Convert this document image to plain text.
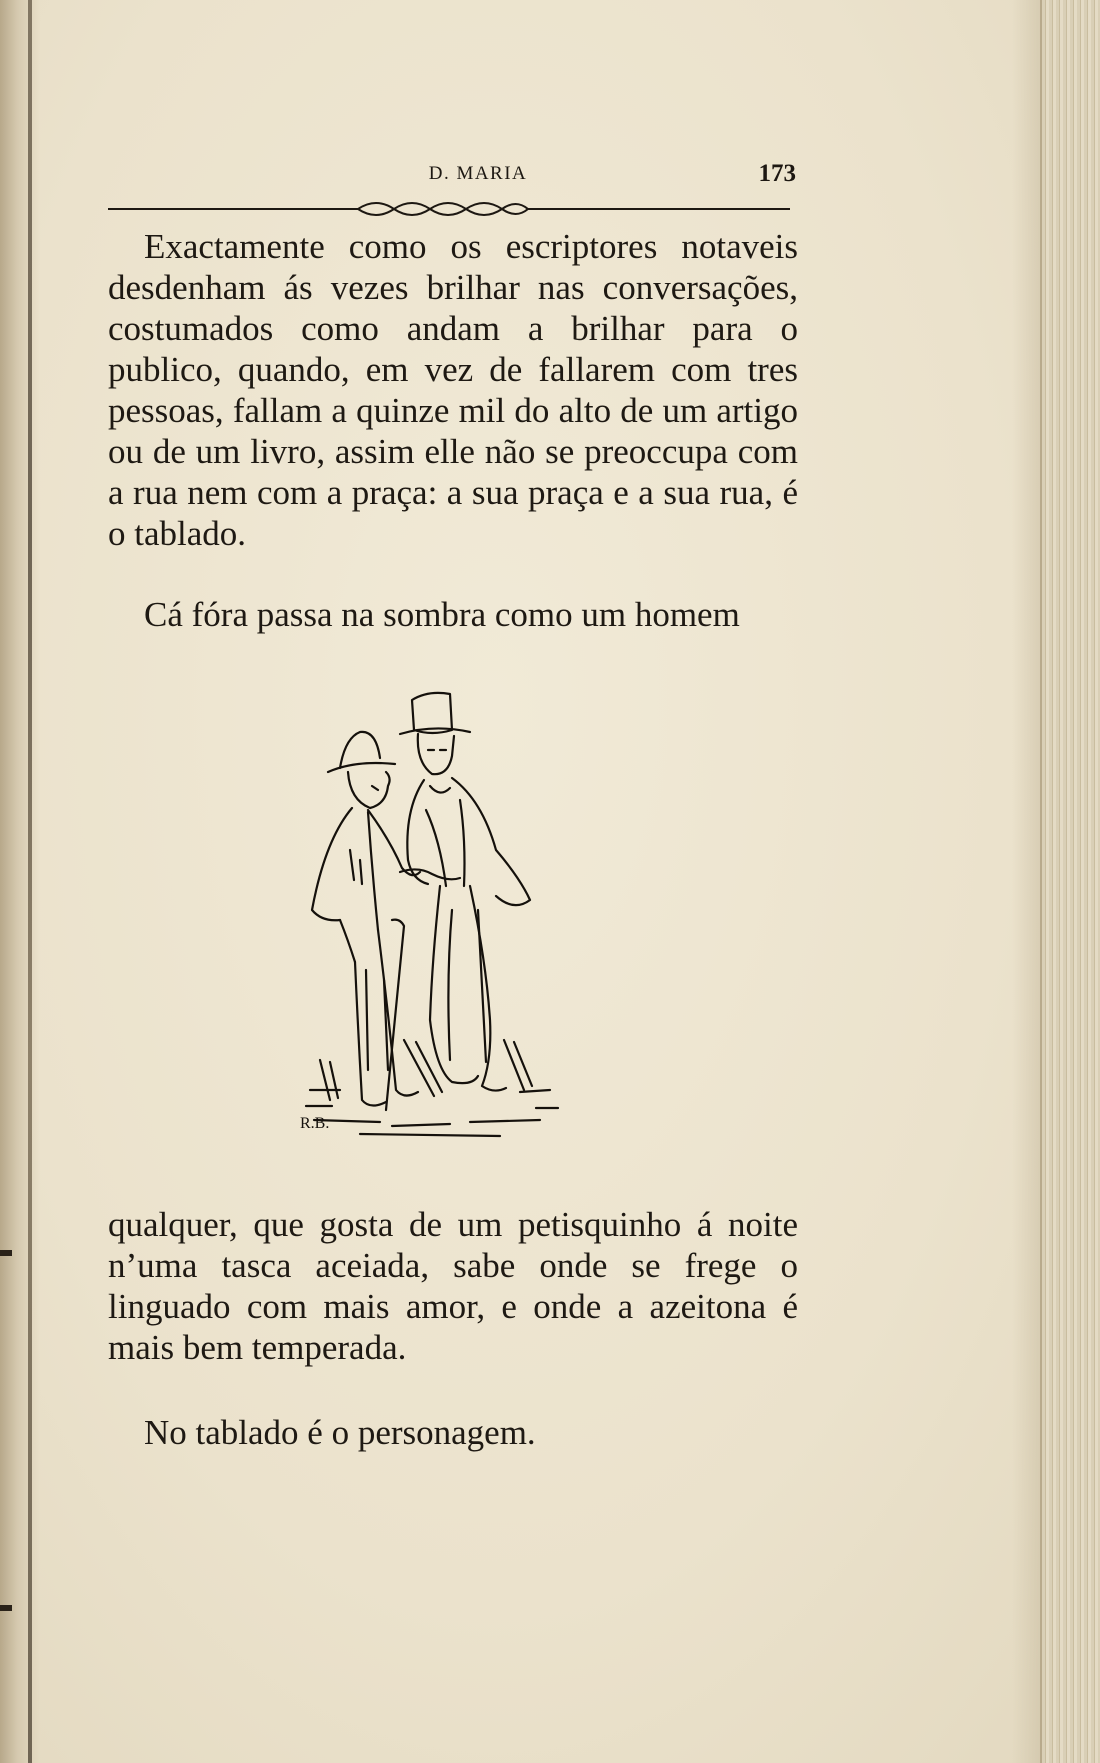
D. MARIA	173

Exactamente como os escriptores notaveis desdenham ás vezes brilhar nas conversações, costumados como andam a brilhar para o publico, quando, em vez de fallarem com tres pessoas, fallam a quinze mil do alto de um artigo ou de um livro, assim elle não se preoccupa com a rua nem com a praça: a sua praça e a sua rua, é o tablado.

Cá fóra passa na sombra como um homem

R.B.

qualquer, que gosta de um petisquinho á noite n’uma tasca aceiada, sabe onde se frege o linguado com mais amor, e onde a azeitona é mais bem temperada.

No tablado é o personagem.
